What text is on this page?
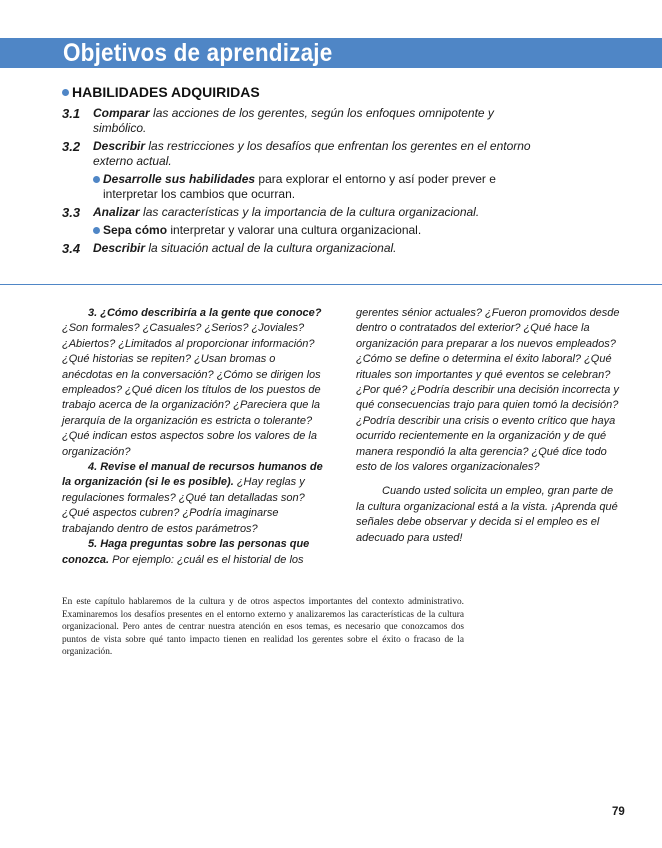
Objetivos de aprendizaje
HABILIDADES ADQUIRIDAS
3.1 Comparar las acciones de los gerentes, según los enfoques omnipotente y simbólico.
3.2 Describir las restricciones y los desafíos que enfrentan los gerentes en el entorno externo actual.
Desarrolle sus habilidades para explorar el entorno y así poder prever e interpretar los cambios que ocurran.
3.3 Analizar las características y la importancia de la cultura organizacional.
Sepa cómo interpretar y valorar una cultura organizacional.
3.4 Describir la situación actual de la cultura organizacional.

3. ¿Cómo describiría a la gente que conoce? ¿Son formales? ¿Casuales? ¿Serios? ¿Joviales? ¿Abiertos? ¿Limitados al proporcionar información? ¿Qué historias se repiten? ¿Usan bromas o anécdotas en la conversación? ¿Cómo se dirigen los empleados? ¿Qué dicen los títulos de los puestos de trabajo acerca de la organización? ¿Pareciera que la jerarquía de la organización es estricta o tolerante? ¿Qué indican estos aspectos sobre los valores de la organización?

4. Revise el manual de recursos humanos de la organización (si le es posible). ¿Hay reglas y regulaciones formales? ¿Qué tan detalladas son? ¿Qué aspectos cubren? ¿Podría imaginarse trabajando dentro de estos parámetros?

5. Haga preguntas sobre las personas que conozca. Por ejemplo: ¿cuál es el historial de los

gerentes sénior actuales? ¿Fueron promovidos desde dentro o contratados del exterior? ¿Qué hace la organización para preparar a los nuevos empleados? ¿Cómo se define o determina el éxito laboral? ¿Qué rituales son importantes y qué eventos se celebran? ¿Por qué? ¿Podría describir una decisión incorrecta y qué consecuencias trajo para quien tomó la decisión? ¿Podría describir una crisis o evento crítico que haya ocurrido recientemente en la organización y de qué manera respondió la alta gerencia? ¿Qué dice todo esto de los valores organizacionales?

Cuando usted solicita un empleo, gran parte de la cultura organizacional está a la vista. ¡Aprenda qué señales debe observar y decida si el empleo es el adecuado para usted!

En este capítulo hablaremos de la cultura y de otros aspectos importantes del contexto administrativo. Examinaremos los desafíos presentes en el entorno externo y analizaremos las características de la cultura organizacional. Pero antes de centrar nuestra atención en esos temas, es necesario que conozcamos dos puntos de vista sobre qué tanto impacto tienen en realidad los gerentes sobre el éxito o fracaso de la organización.

79
